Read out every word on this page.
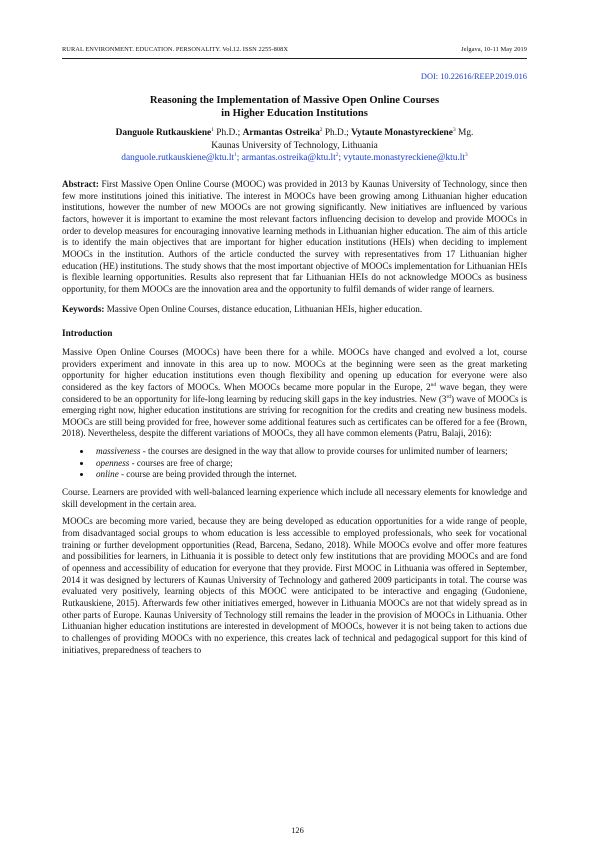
RURAL ENVIRONMENT. EDUCATION. PERSONALITY. Vol.12. ISSN 2255-808X	Jelgava, 10-11 May 2019
DOI: 10.22616/REEP.2019.016
Reasoning the Implementation of Massive Open Online Courses
in Higher Education Institutions
Danguole Rutkauskiene$^1$ Ph.D.; Armantas Ostreika$^2$ Ph.D.; Vytaute Monastyreckiene$^3$ Mg.
Kaunas University of Technology, Lithuania
$danguole.rutkauskiene@ktu.lt^1$; $armantas.ostreika@ktu.lt^2$; $vytaute.monastyreckiene@ktu.lt^3$

Abstract: First Massive Open Online Course (MOOC) was provided in 2013 by Kaunas University of Technology, since then few more institutions joined this initiative. The interest in MOOCs have been growing among Lithuanian higher education institutions, however the number of new MOOCs are not growing significantly. New initiatives are influenced by various factors, however it is important to examine the most relevant factors influencing decision to develop and provide MOOCs in order to develop measures for encouraging innovative learning methods in Lithuanian higher education. The aim of this article is to identify the main objectives that are important for higher education institutions (HEIs) when deciding to implement MOOCs in the institution. Authors of the article conducted the survey with representatives from 17 Lithuanian higher education (HE) institutions. The study shows that the most important objective of MOOCs implementation for Lithuanian HEIs is flexible learning opportunities. Results also represent that far Lithuanian HEIs do not acknowledge MOOCs as business opportunity, for them MOOCs are the innovation area and the opportunity to fulfil demands of wider range of learners.

Keywords: Massive Open Online Courses, distance education, Lithuanian HEIs, higher education.

Introduction

Massive Open Online Courses (MOOCs) have been there for a while. MOOCs have changed and evolved a lot, course providers experiment and innovate in this area up to now. MOOCs at the beginning were seen as the great marketing opportunity for higher education institutions even though flexibility and opening up education for everyone were also considered as the key factors of MOOCs. When MOOCs became more popular in the Europe, 2nd wave began, they were considered to be an opportunity for life-long learning by reducing skill gaps in the key industries. New (3rd) wave of MOOCs is emerging right now, higher education institutions are striving for recognition for the credits and creating new business models. MOOCs are still being provided for free, however some additional features such as certificates can be offered for a fee (Brown, 2018). Nevertheless, despite the different variations of MOOCs, they all have common elements (Patru, Balaji, 2016):

• massiveness - the courses are designed in the way that allow to provide courses for unlimited number of learners;
• openness - courses are free of charge;
• online - course are being provided through the internet.

Course. Learners are provided with well-balanced learning experience which include all necessary elements for knowledge and skill development in the certain area.

MOOCs are becoming more varied, because they are being developed as education opportunities for a wide range of people, from disadvantaged social groups to whom education is less accessible to employed professionals, who seek for vocational training or further development opportunities (Read, Barcena, Sedano, 2018). While MOOCs evolve and offer more features and possibilities for learners, in Lithuania it is possible to detect only few institutions that are providing MOOCs and are fond of openness and accessibility of education for everyone that they provide. First MOOC in Lithuania was offered in September, 2014 it was designed by lecturers of Kaunas University of Technology and gathered 2009 participants in total. The course was evaluated very positively, learning objects of this MOOC were anticipated to be interactive and engaging (Gudoniene, Rutkauskiene, 2015). Afterwards few other initiatives emerged, however in Lithuania MOOCs are not that widely spread as in other parts of Europe. Kaunas University of Technology still remains the leader in the provision of MOOCs in Lithuania. Other Lithuanian higher education institutions are interested in development of MOOCs, however it is not being taken to actions due to challenges of providing MOOCs with no experience, this creates lack of technical and pedagogical support for this kind of initiatives, preparedness of teachers to

126
